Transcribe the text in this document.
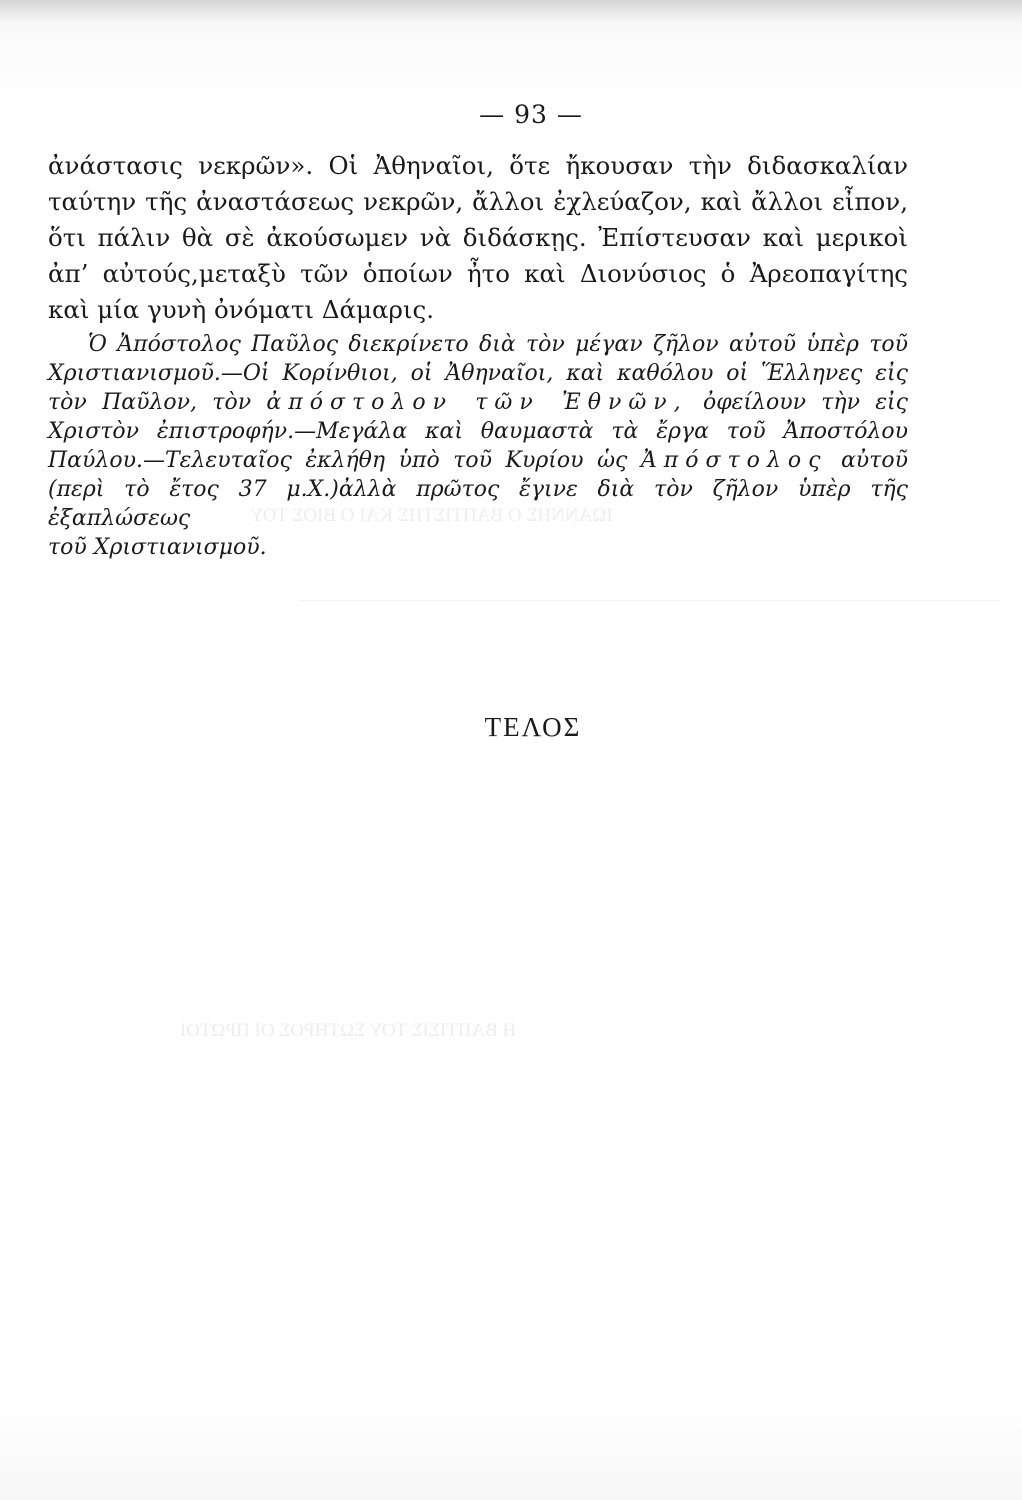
ΙΩΑΝΝΗΣ Ο ΒΑΠΤΙΣΤΗΣ ΚΑΙ Ο ΒΙΟΣ ΤΟΥ
Η ΒΑΠΤΙΣΙΣ ΤΟΥ ΣΩΤΗΡΟΣ ΟΙ ΠΡΩΤΟΙ
— 93 —
ἀνάστασις νεκρῶν». Οἱ Ἀθηναῖοι, ὅτε ἤκουσαν τὴν διδασκαλίαν
ταύτην τῆς ἀναστάσεως νεκρῶν, ἄλλοι ἐχλεύαζον, καὶ ἄλλοι εἶπον,
ὅτι πάλιν θὰ σὲ ἀκούσωμεν νὰ διδάσκῃς. Ἐπίστευσαν καὶ μερικοὶ
ἀπ’ αὐτούς,μεταξὺ τῶν ὁποίων ἦτο καὶ Διονύσιος ὁ Ἀρεοπαγίτης
καὶ μία γυνὴ ὀνόματι Δάμαρις.
Ὁ Ἀπόστολος Παῦλος διεκρίνετο διὰ τὸν μέγαν ζῆλον αὐτοῦ ὑπὲρ τοῦ
Χριστιανισμοῦ.—Οἱ Κορίνθιοι, οἱ Ἀθηναῖοι, καὶ καθόλου οἱ Ἕλληνες εἰς
τὸν Παῦλον, τὸν ἀπόστολον τῶν Ἐθνῶν, ὀφείλουν τὴν εἰς
Χριστὸν ἐπιστροφήν.—Μεγάλα καὶ θαυμαστὰ τὰ ἔργα τοῦ Ἀποστόλου
Παύλου.—Τελευταῖος ἐκλήθη ὑπὸ τοῦ Κυρίου ὡς Ἀπόστολος αὐτοῦ
(περὶ τὸ ἔτος 37 μ.Χ.)ἀλλὰ πρῶτος ἔγινε διὰ τὸν ζῆλον ὑπὲρ τῆς ἐξαπλώσεως
τοῦ Χριστιανισμοῦ.
ΤΕΛΟΣ
